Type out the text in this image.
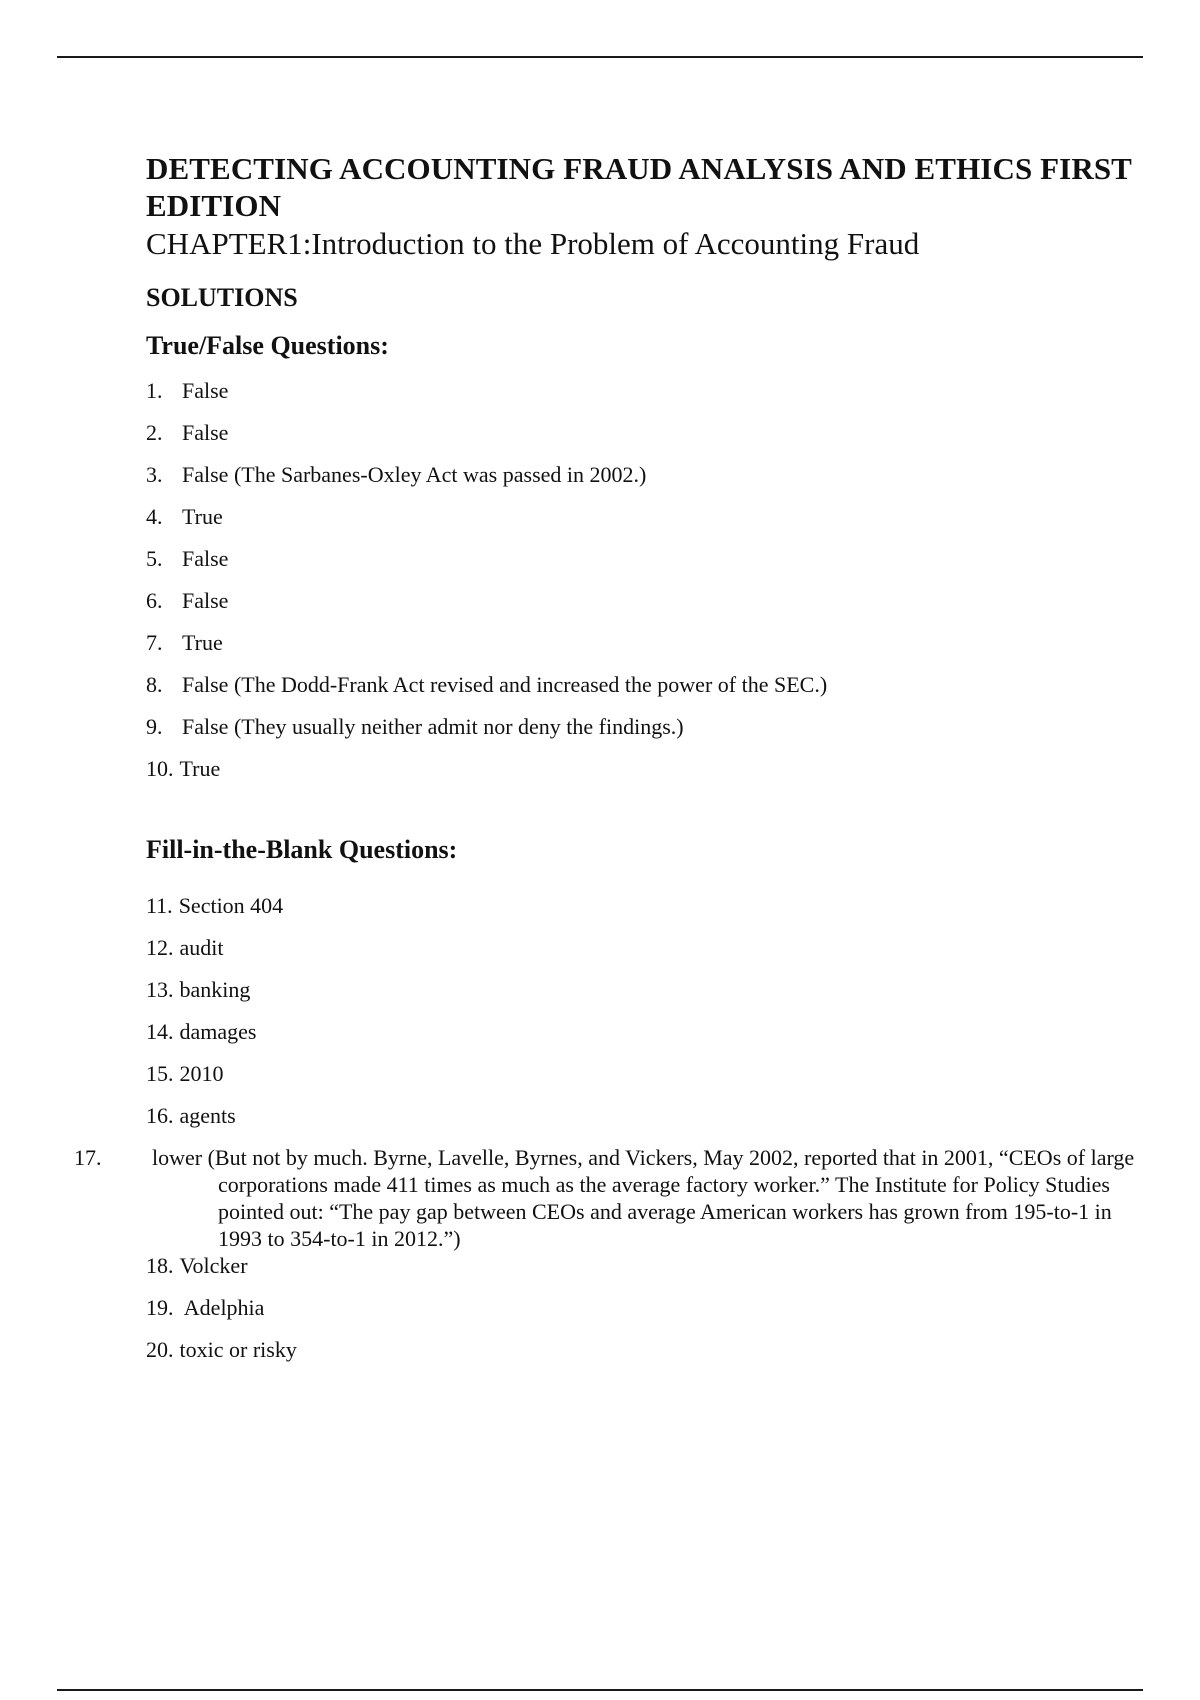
DETECTING ACCOUNTING FRAUD ANALYSIS AND ETHICS FIRST EDITION
CHAPTER1:Introduction to the Problem of Accounting Fraud
SOLUTIONS
True/False Questions:
1. False
2. False
3. False (The Sarbanes-Oxley Act was passed in 2002.)
4. True
5. False
6. False
7. True
8. False (The Dodd-Frank Act revised and increased the power of the SEC.)
9. False (They usually neither admit nor deny the findings.)
10. True
Fill-in-the-Blank Questions:
11. Section 404
12. audit
13. banking
14. damages
15. 2010
16. agents
17. lower (But not by much. Byrne, Lavelle, Byrnes, and Vickers, May 2002, reported that in 2001, “CEOs of large corporations made 411 times as much as the average factory worker.” The Institute for Policy Studies pointed out: “The pay gap between CEOs and average American workers has grown from 195-to-1 in 1993 to 354-to-1 in 2012.”)
18. Volcker
19. Adelphia
20. toxic or risky
